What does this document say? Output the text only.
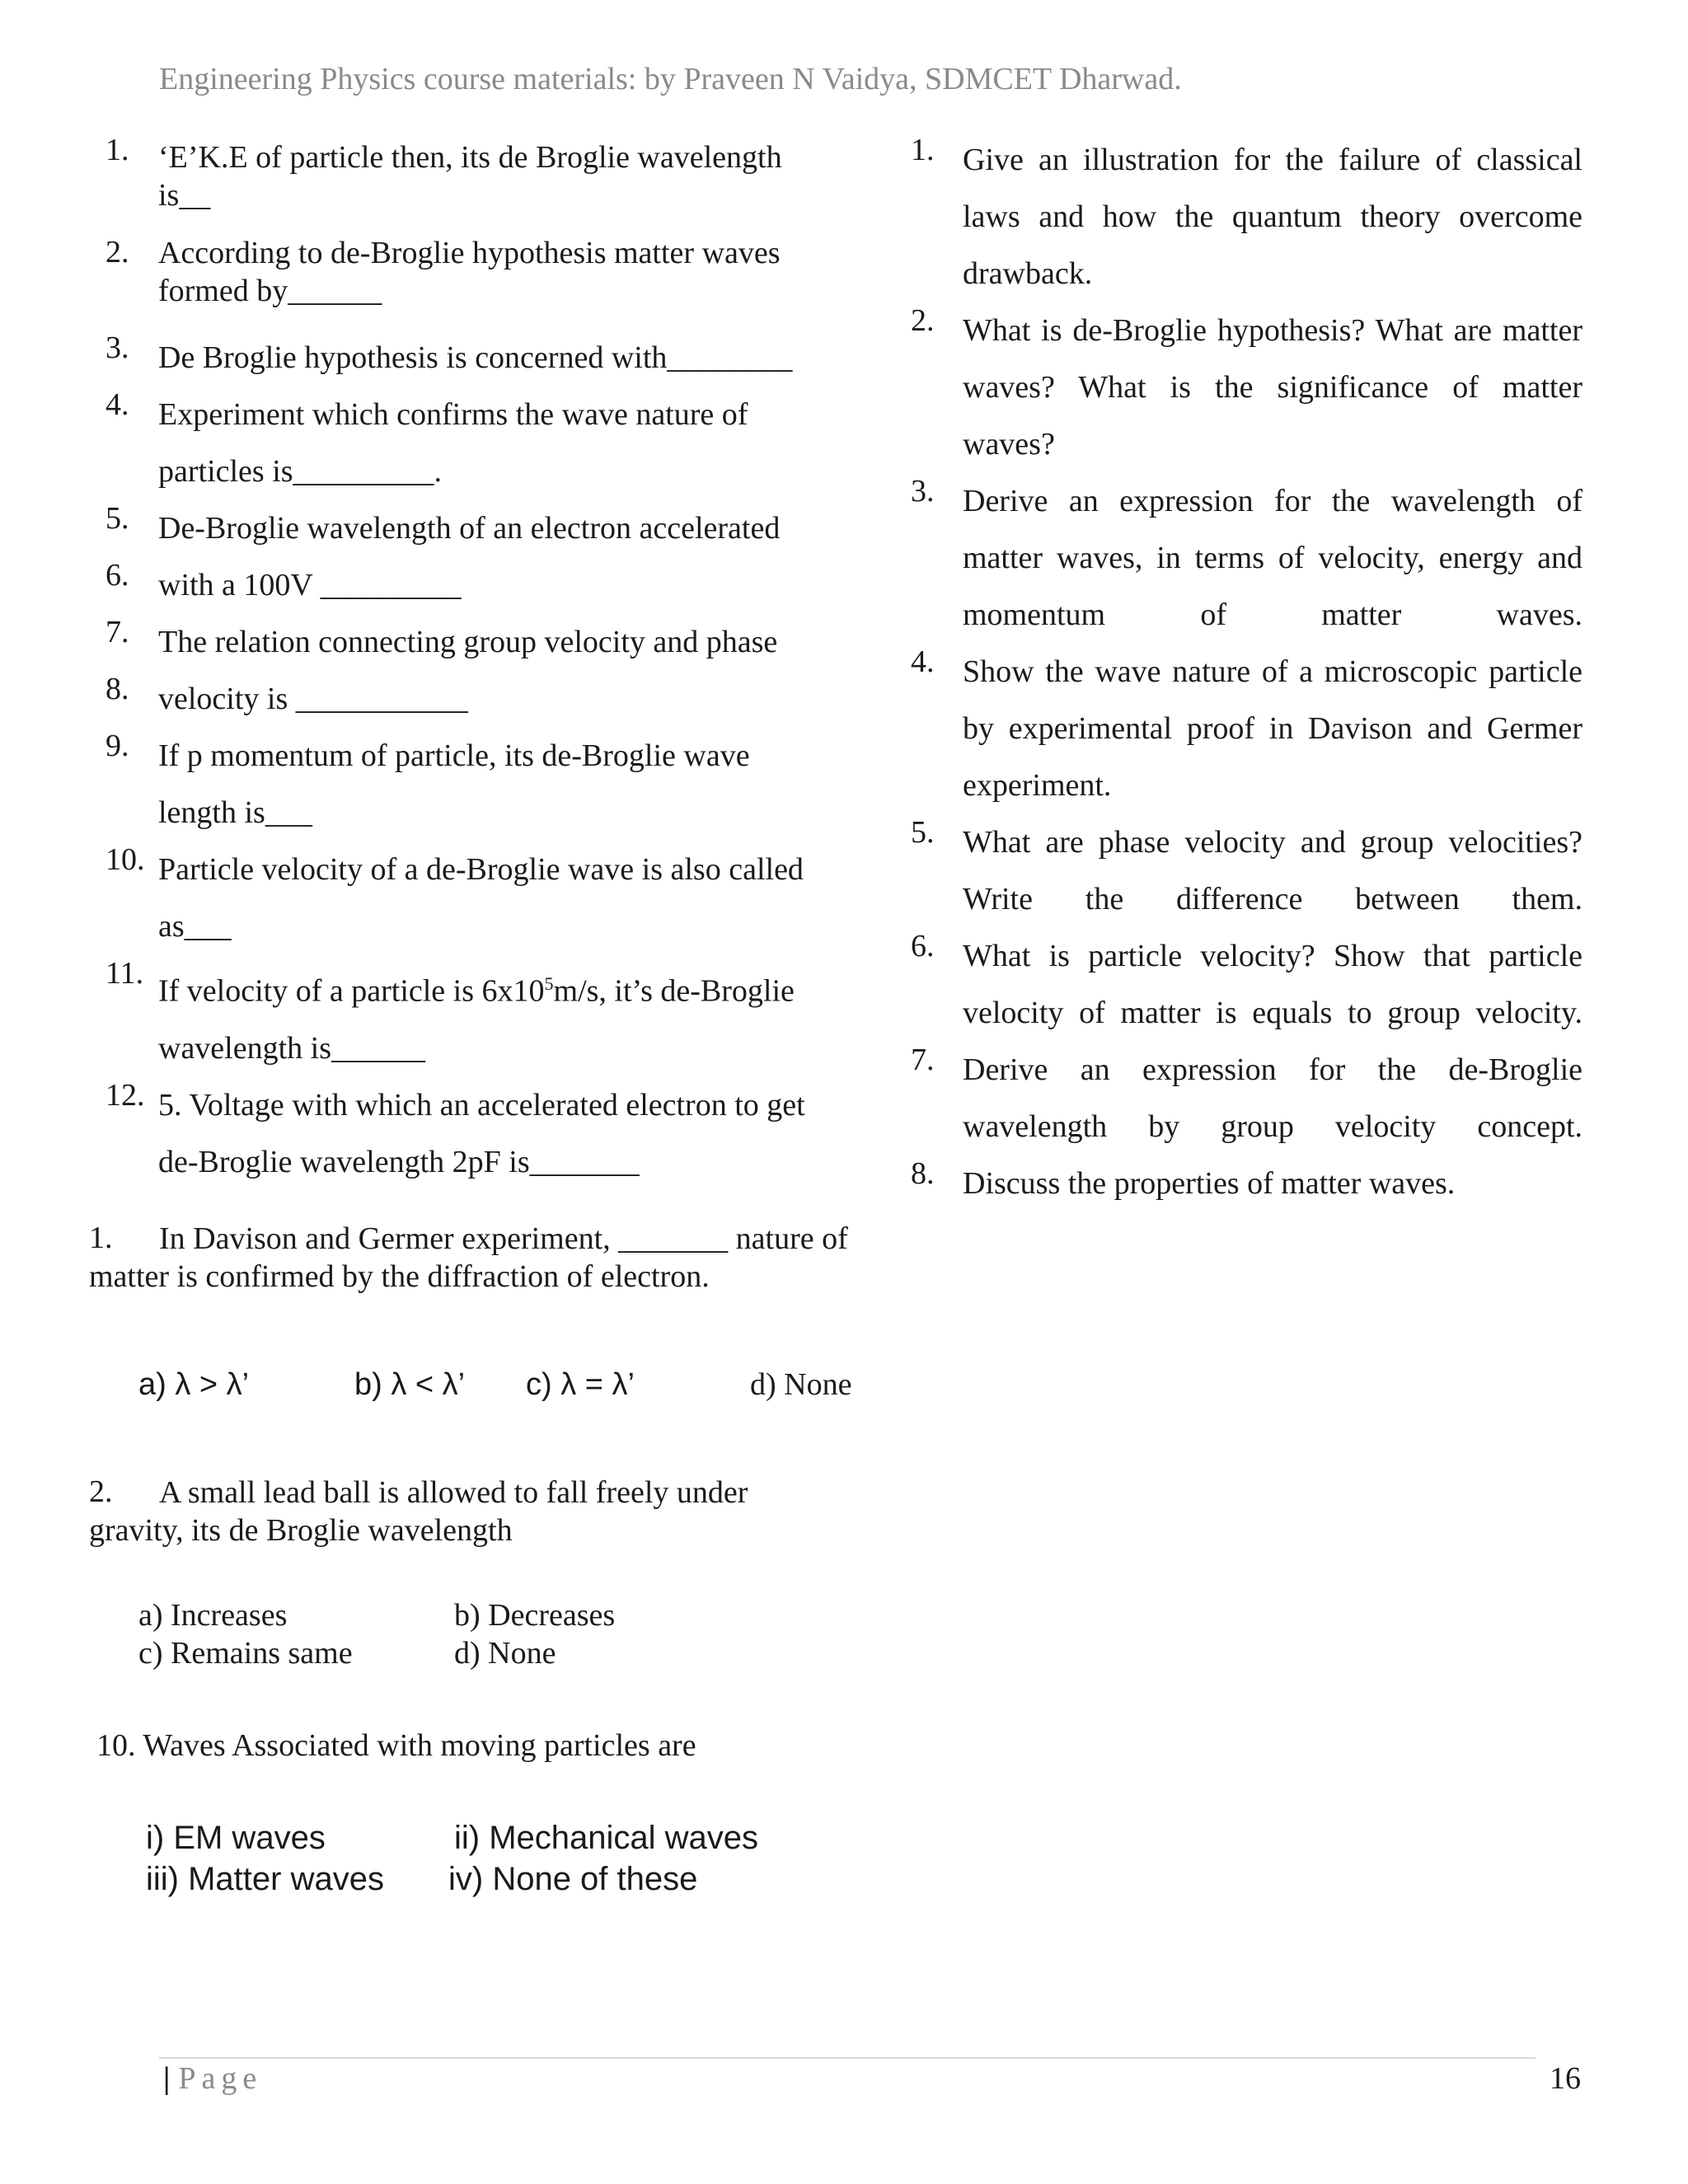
Engineering Physics course materials: by Praveen N Vaidya, SDMCET Dharwad.
1. ‘E’K.E of particle then, its de Broglie wavelength is__
2. According to de-Broglie hypothesis matter waves formed by______
3. De Broglie hypothesis is concerned with________
4. Experiment which confirms the wave nature of particles is_________.
5. De-Broglie wavelength of an electron accelerated
6. with a 100V _________
7. The relation connecting group velocity and phase
8. velocity is ___________
9. If p momentum of particle, its de-Broglie wave length is___
10. Particle velocity of a de-Broglie wave is also called as___
11.
If velocity of a particle is $6x10^5m/s$, it’s de-Broglie wavelength is______
12. 5. Voltage with which an accelerated electron to get de-Broglie wavelength 2pF is_______
1.	In Davison and Germer experiment, _______ nature of matter is confirmed by the diffraction of electron.
a) λ > λ’	b) λ < λ’ c) λ = λ’	d) None
2.	A small lead ball is allowed to fall freely under gravity, its de Broglie wavelength
a) Increases	b) Decreases
c) Remains same	d) None
10. Waves Associated with moving particles are
i) EM waves	ii) Mechanical waves
iii) Matter waves iv) None of these
1. Give an illustration for the failure of classical laws and how the quantum theory overcome drawback.
2. What is de-Broglie hypothesis? What are matter waves? What is the significance of matter waves?
3. Derive an expression for the wavelength of matter waves, in terms of velocity, energy and momentum of matter waves.
4. Show the wave nature of a microscopic particle by experimental proof in Davison and Germer experiment.
5. What are phase velocity and group velocities? Write the difference between them.
6. What is particle velocity? Show that particle velocity of matter is equals to group velocity.
7. Derive an expression for the de-Broglie wavelength by group velocity concept.
8. Discuss the properties of matter waves.
| Page	16
